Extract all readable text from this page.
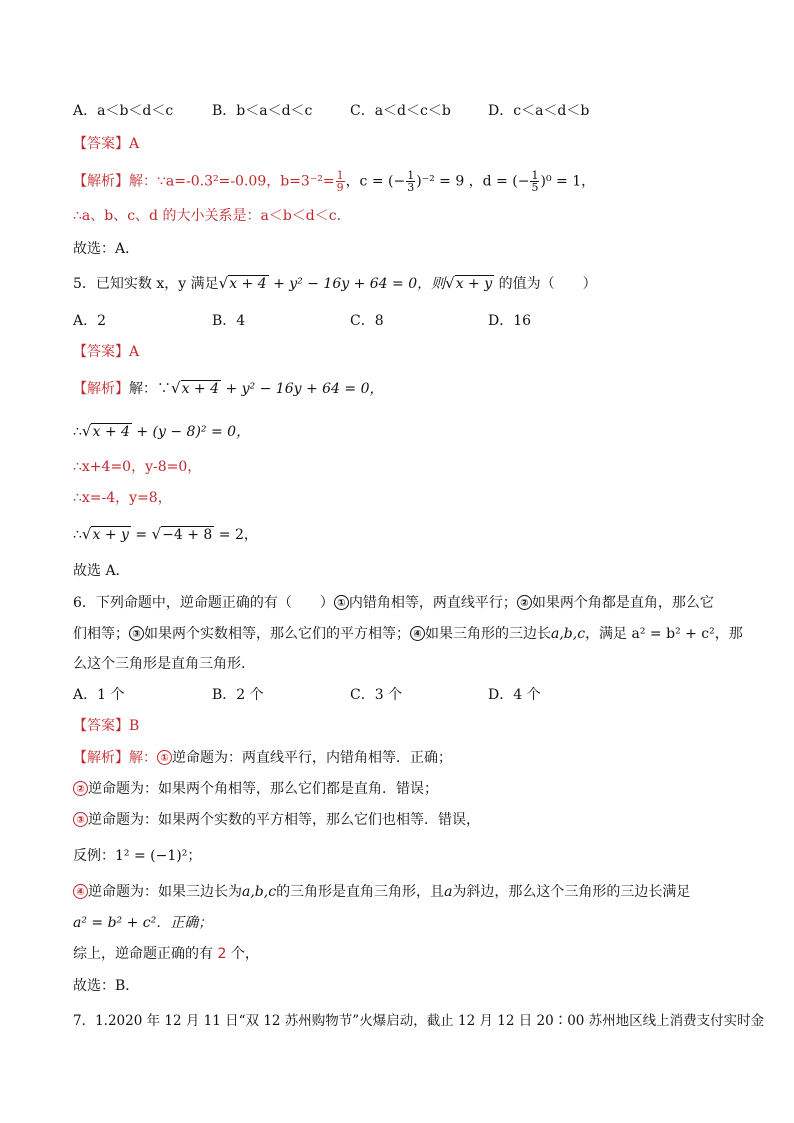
A．a＜b＜d＜c	B．b＜a＜d＜c	C．a＜d＜c＜b	D．c＜a＜d＜b
【答案】A
【解析】解：∵a=-0.3²=-0.09，$b=3^{-2}= \frac{1}{9}$ ，c = (− $\frac{1}{3} )^{-2} = 9$ ，d = (− $\frac{1}{5} )^0 = 1$，
∴a、b、c、d 的大小关系是：a＜b＜d＜c．
故选：A．
5．已知实数 x，y 满足√x + 4 + y² − 16y + 64 = 0，则√x + y 的值为（　　）
A．2	B．4	C．8	D．16
【答案】A
【解析】解：∵√x + 4 + y² − 16y + 64 = 0，
∴√x + 4 + (y − 8)² = 0，
∴x+4=0，y-8=0，
∴x=-4，y=8，
∴√x + y = √−4 + 8 = 2，
故选 A．
6．下列命题中，逆命题正确的有（　　） ① 内错角相等，两直线平行； ② 如果两个角都是直角，那么它
们相等； ③ 如果两个实数相等，那么它们的平方相等； ④ 如果三角形的三边长a,b,c，满足 a² = b² + c²，那
么这个三角形是直角三角形．
A．1 个	B．2 个	C．3 个	D．4 个
【答案】B
【解析】解： ① 逆命题为：两直线平行，内错角相等．正确；
② 逆命题为：如果两个角相等，那么它们都是直角．错误；
③ 逆命题为：如果两个实数的平方相等，那么它们也相等．错误，
反例：1² = (−1)²；
④ 逆命题为：如果三边长为a,b,c的三角形是直角三角形，且a为斜边，那么这个三角形的三边长满足
a² = b² + c²．正确；
综上，逆命题正确的有 2 个，
故选：B．
7．1.2020 年 12 月 11 日“双 12 苏州购物节”火爆启动，截止 12 月 12 日 20∶00 苏州地区线上消费支付实时金
